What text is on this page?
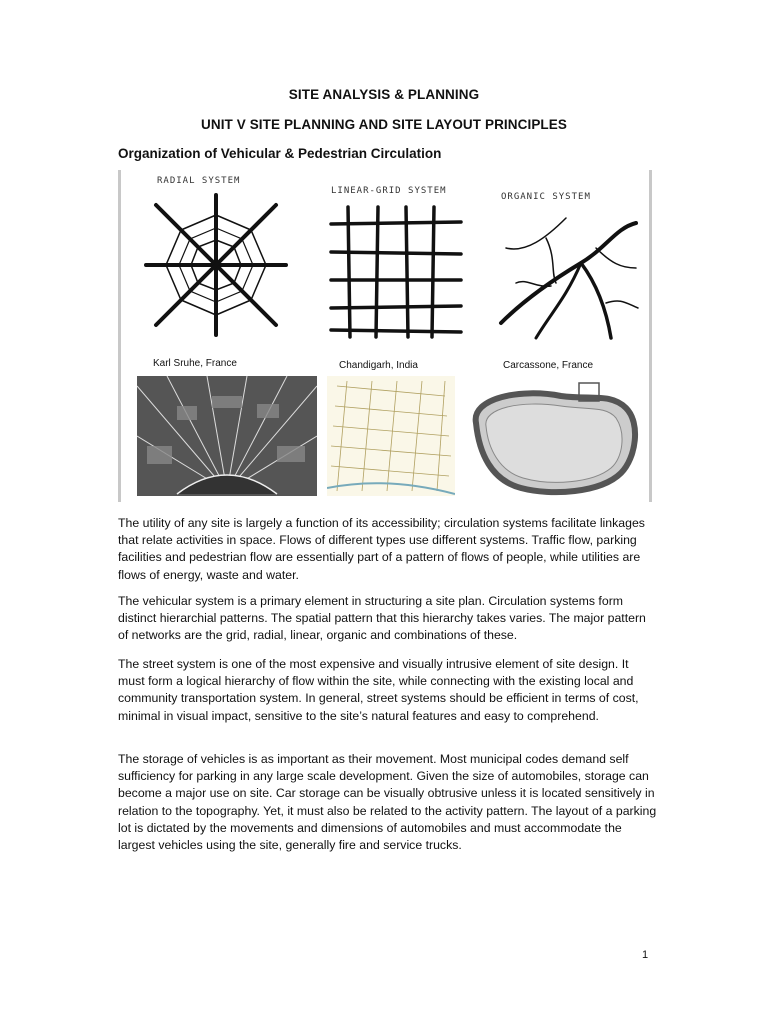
SITE ANALYSIS & PLANNING
UNIT V SITE PLANNING AND SITE LAYOUT PRINCIPLES
Organization of Vehicular & Pedestrian Circulation
RADIAL SYSTEM
LINEAR-GRID SYSTEM
ORGANIC SYSTEM
Karl Sruhe, France	Chandigarh, India	Carcassone, France

The utility of any site is largely a function of its accessibility; circulation systems facilitate linkages that relate activities in space. Flows of different types use different systems. Traffic flow, parking facilities and pedestrian flow are essentially part of a pattern of flows of people, while utilities are flows of energy, waste and water.

The vehicular system is a primary element in structuring a site plan. Circulation systems form distinct hierarchial patterns. The spatial pattern that this hierarchy takes varies. The major pattern of networks are the grid, radial, linear, organic and combinations of these.

The street system is one of the most expensive and visually intrusive element of site design. It must form a logical hierarchy of flow within the site, while connecting with the existing local and community transportation system. In general, street systems should be efficient in terms of cost, minimal in visual impact, sensitive to the site’s natural features and easy to comprehend.

The storage of vehicles is as important as their movement. Most municipal codes demand self sufficiency for parking in any large scale development. Given the size of automobiles, storage can become a major use on site. Car storage can be visually obtrusive unless it is located sensitively in relation to the topography. Yet, it must also be related to the activity pattern. The layout of a parking lot is dictated by the movements and dimensions of automobiles and must accommodate the largest vehicles using the site, generally fire and service trucks.

1
